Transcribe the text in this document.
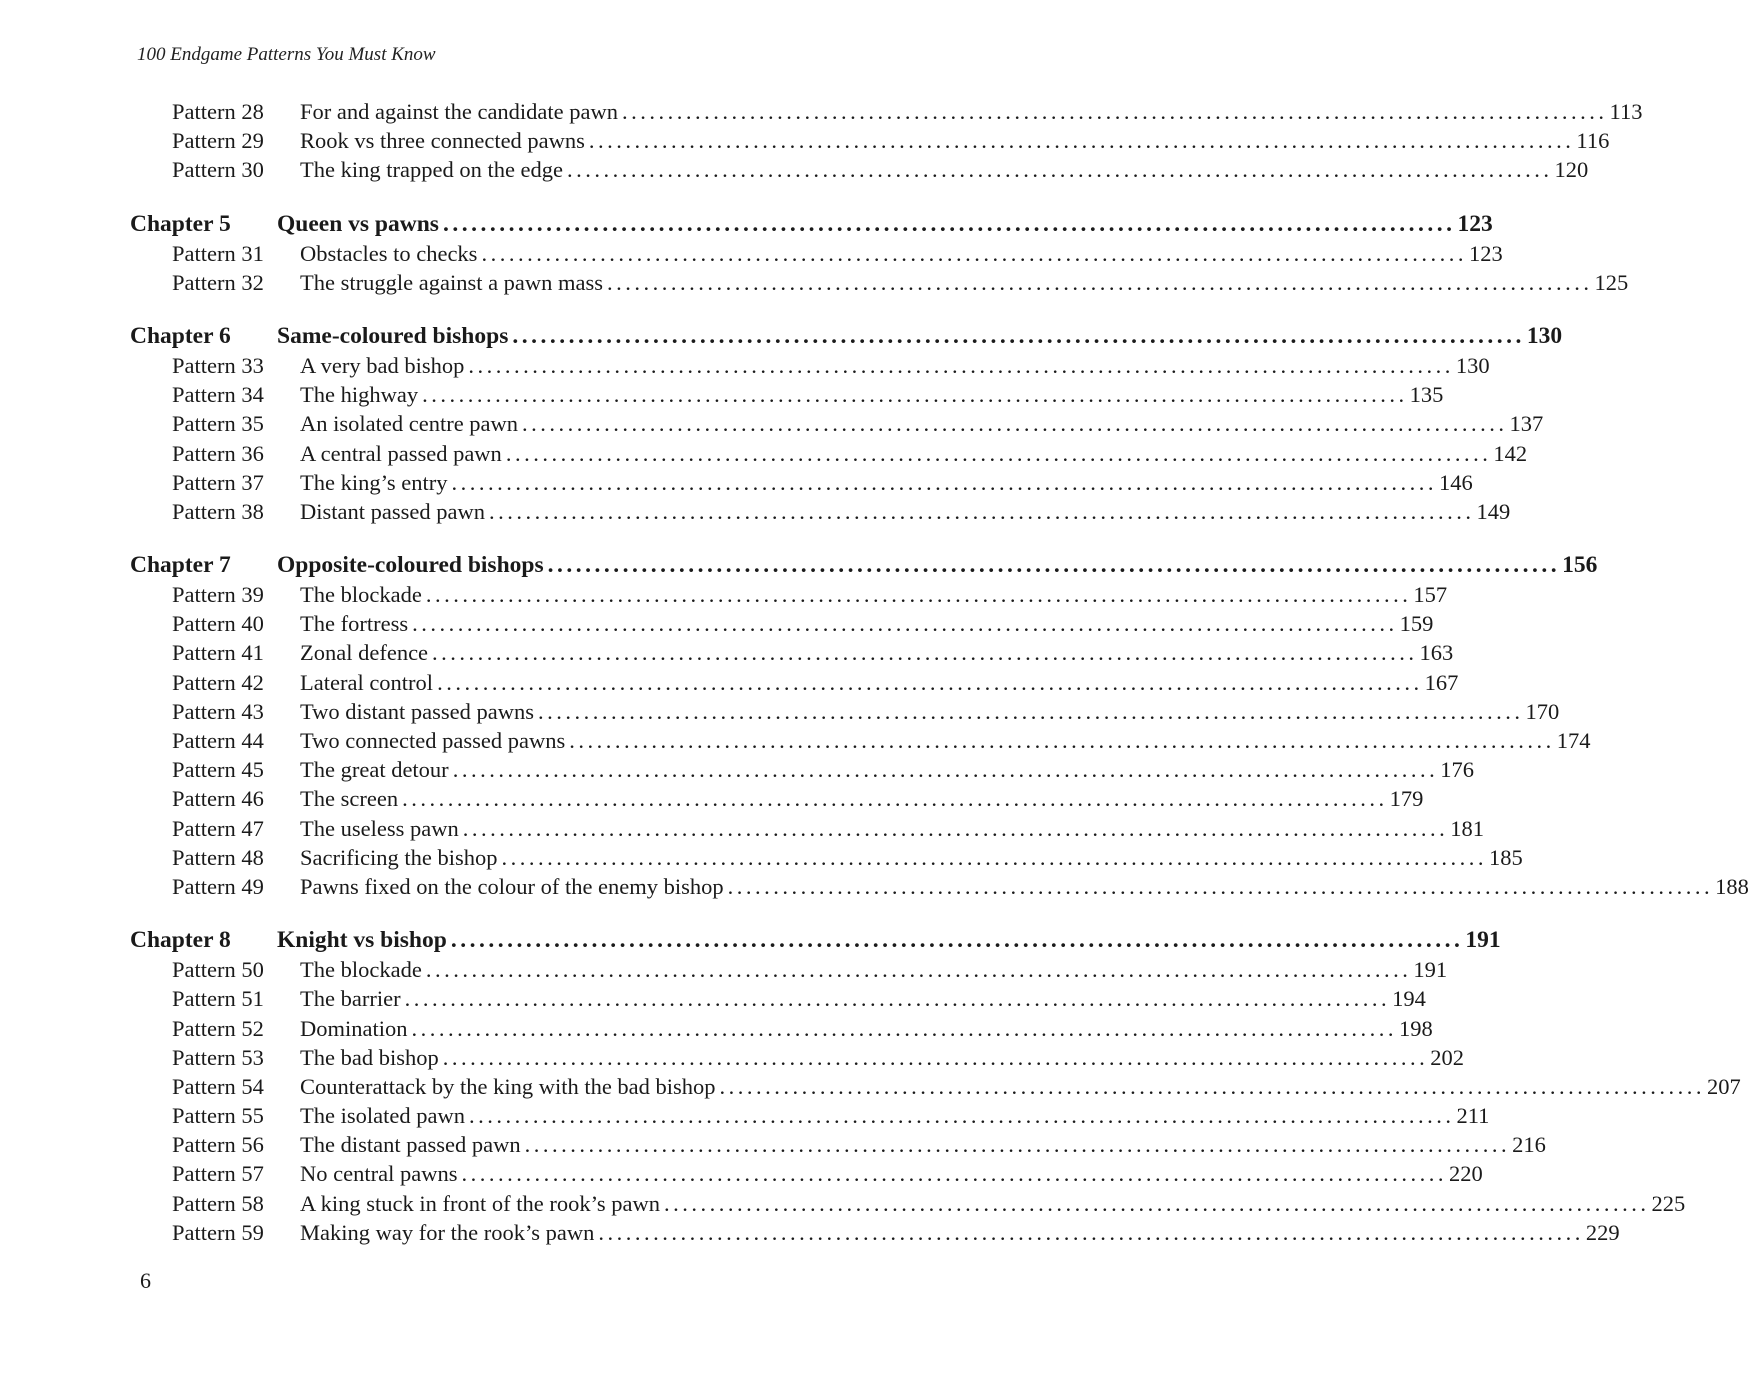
100 Endgame Patterns You Must Know
Pattern 28 For and against the candidate pawn ............................................................................................................ 113
Pattern 29 Rook vs three connected pawns ............................................................................................................ 116
Pattern 30 The king trapped on the edge ............................................................................................................ 120
Chapter 5 Queen vs pawns ............................................................................................................ 123
Pattern 31 Obstacles to checks ............................................................................................................ 123
Pattern 32 The struggle against a pawn mass ............................................................................................................ 125
Chapter 6 Same-coloured bishops ............................................................................................................ 130
Pattern 33 A very bad bishop ............................................................................................................ 130
Pattern 34 The highway ............................................................................................................ 135
Pattern 35 An isolated centre pawn ............................................................................................................ 137
Pattern 36 A central passed pawn ............................................................................................................ 142
Pattern 37 The king’s entry ............................................................................................................ 146
Pattern 38 Distant passed pawn ............................................................................................................ 149
Chapter 7 Opposite-coloured bishops ............................................................................................................ 156
Pattern 39 The blockade ............................................................................................................ 157
Pattern 40 The fortress ............................................................................................................ 159
Pattern 41 Zonal defence ............................................................................................................ 163
Pattern 42 Lateral control ............................................................................................................ 167
Pattern 43 Two distant passed pawns ............................................................................................................ 170
Pattern 44 Two connected passed pawns ............................................................................................................ 174
Pattern 45 The great detour ............................................................................................................ 176
Pattern 46 The screen ............................................................................................................ 179
Pattern 47 The useless pawn ............................................................................................................ 181
Pattern 48 Sacrificing the bishop ............................................................................................................ 185
Pattern 49 Pawns fixed on the colour of the enemy bishop ............................................................................................................ 188
Chapter 8 Knight vs bishop ............................................................................................................ 191
Pattern 50 The blockade ............................................................................................................ 191
Pattern 51 The barrier ............................................................................................................ 194
Pattern 52 Domination ............................................................................................................ 198
Pattern 53 The bad bishop ............................................................................................................ 202
Pattern 54 Counterattack by the king with the bad bishop ............................................................................................................ 207
Pattern 55 The isolated pawn ............................................................................................................ 211
Pattern 56 The distant passed pawn ............................................................................................................ 216
Pattern 57 No central pawns ............................................................................................................ 220
Pattern 58 A king stuck in front of the rook’s pawn ............................................................................................................ 225
Pattern 59 Making way for the rook’s pawn ............................................................................................................ 229
6
